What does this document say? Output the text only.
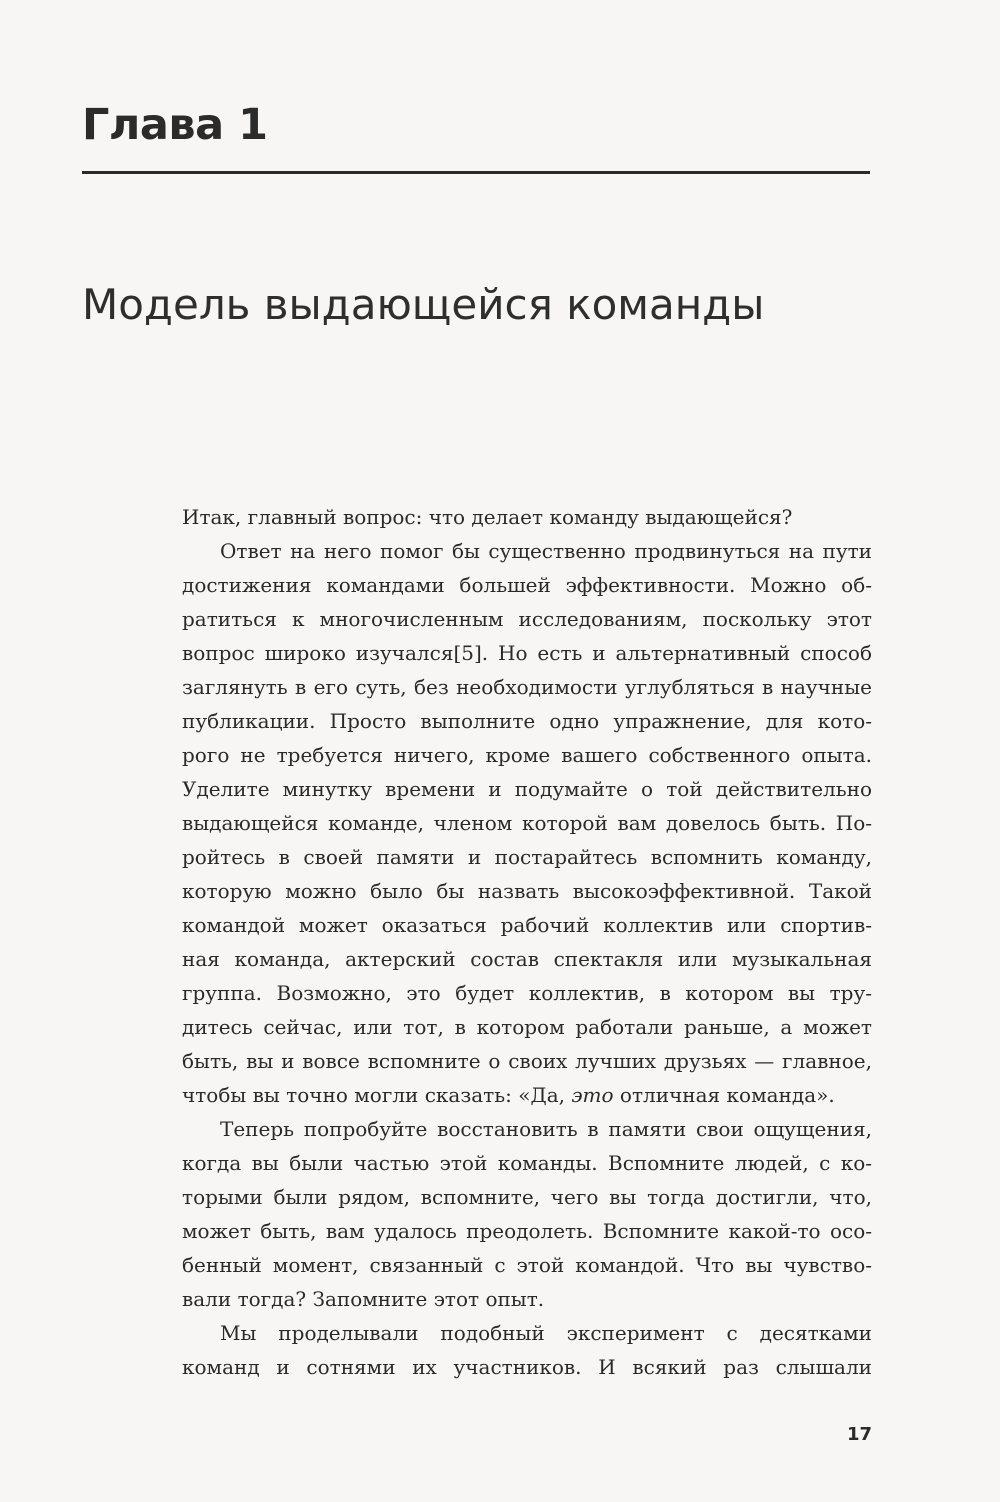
Глава 1
Модель выдающейся команды
Итак, главный вопрос: что делает команду выдающейся?
Ответ на него помог бы существенно продвинуться на пути
достижения командами большей эффективности. Можно об-
ратиться к многочисленным исследованиям, поскольку этот
вопрос широко изучался[5]. Но есть и альтернативный способ
заглянуть в его суть, без необходимости углубляться в научные
публикации. Просто выполните одно упражнение, для кото-
рого не требуется ничего, кроме вашего собственного опыта.
Уделите минутку времени и подумайте о той действительно
выдающейся команде, членом которой вам довелось быть. По-
ройтесь в своей памяти и постарайтесь вспомнить команду,
которую можно было бы назвать высокоэффективной. Такой
командой может оказаться рабочий коллектив или спортив-
ная команда, актерский состав спектакля или музыкальная
группа. Возможно, это будет коллектив, в котором вы тру-
дитесь сейчас, или тот, в котором работали раньше, а может
быть, вы и вовсе вспомните о своих лучших друзьях — главное,
чтобы вы точно могли сказать: «Да, это отличная команда».
Теперь попробуйте восстановить в памяти свои ощущения,
когда вы были частью этой команды. Вспомните людей, с ко-
торыми были рядом, вспомните, чего вы тогда достигли, что,
может быть, вам удалось преодолеть. Вспомните какой-то осо-
бенный момент, связанный с этой командой. Что вы чувство-
вали тогда? Запомните этот опыт.
Мы проделывали подобный эксперимент с десятками
команд и сотнями их участников. И всякий раз слышали
17
